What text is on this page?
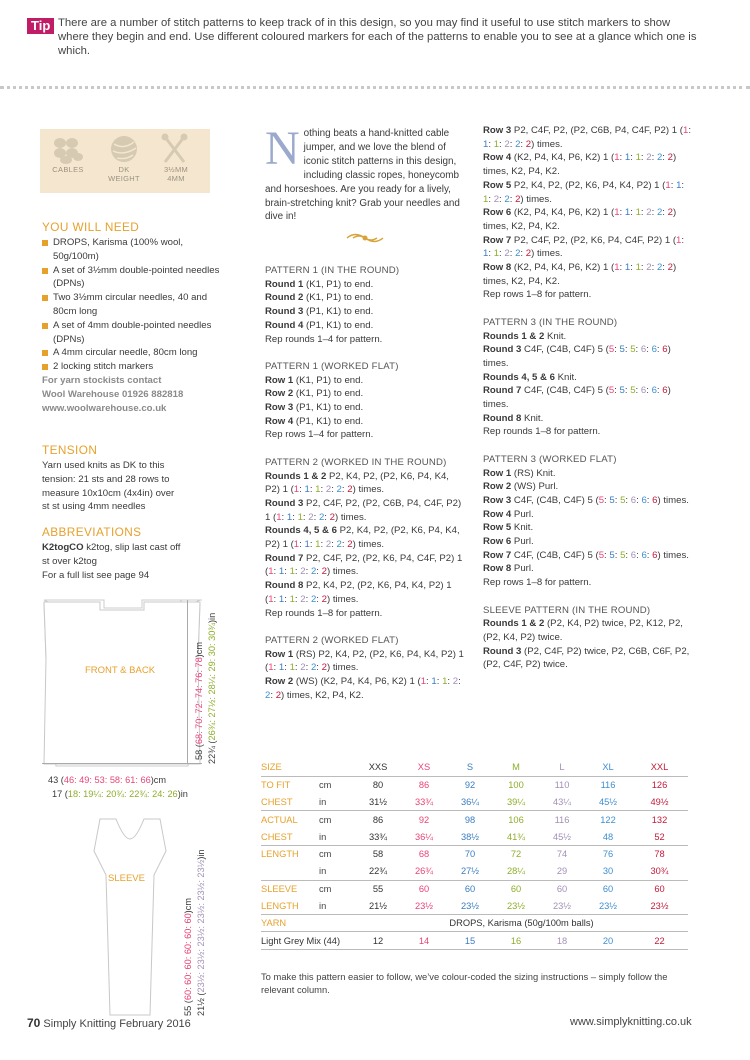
Tip There are a number of stitch patterns to keep track of in this design, so you may find it useful to use stitch markers to show where they begin and end. Use different coloured markers for each of the patterns to enable you to see at a glance which one is which.
CABLES	DK
WEIGHT
3½MM
4MM
YOU WILL NEED
DROPS, Karisma (100% wool, 50g/100m)
A set of 3½mm double-pointed needles (DPNs)
Two 3½mm circular needles, 40 and 80cm long
A set of 4mm double-pointed needles (DPNs)
A 4mm circular needle, 80cm long
2 locking stitch markers
For yarn stockists contact
Wool Warehouse 01926 882818
www.woolwarehouse.co.uk
TENSION
Yarn used knits as DK to this tension: 21 sts and 28 rows to measure 10x10cm (4x4in) over st st using 4mm needles
ABBREVIATIONS
K2togCO k2tog, slip last cast off st over k2tog
For a full list see page 94
FRONT & BACK
58 (68: 70: 72: 74: 76: 78)cm
22¾ (26¾: 27½: 28¼: 29: 30: 30¾)in
43 (46: 49: 53: 58: 61: 66)cm
17 (18: 19¼: 20¾: 22¾: 24: 26)in
SLEEVE
55 (60: 60: 60: 60: 60: 60)cm
21½ (23½: 23½: 23½: 23½: 23½: 23½)in
Nothing beats a hand-knitted cable jumper, and we love the blend of iconic stitch patterns in this design, including classic ropes, honeycomb and horseshoes. Are you ready for a lively, brain-stretching knit? Grab your needles and dive in!

PATTERN 1 (IN THE ROUND)

Round 1 (K1, P1) to end.

Round 2 (K1, P1) to end.

Round 3 (P1, K1) to end.

Round 4 (P1, K1) to end.

Rep rounds 1–4 for pattern.

PATTERN 1 (WORKED FLAT)

Row 1 (K1, P1) to end.

Row 2 (K1, P1) to end.

Row 3 (P1, K1) to end.

Row 4 (P1, K1) to end.

Rep rows 1–4 for pattern.

PATTERN 2 (WORKED IN THE ROUND)

Rounds 1 & 2 P2, K4, P2, (P2, K6, P4, K4, P2) 1 (1: 1: 1: 2: 2: 2) times.

Round 3 P2, C4F, P2, (P2, C6B, P4, C4F, P2) 1 (1: 1: 1: 2: 2: 2) times.

Rounds 4, 5 & 6 P2, K4, P2, (P2, K6, P4, K4, P2) 1 (1: 1: 1: 2: 2: 2) times.

Round 7 P2, C4F, P2, (P2, K6, P4, C4F, P2) 1 (1: 1: 1: 2: 2: 2) times.

Round 8 P2, K4, P2, (P2, K6, P4, K4, P2) 1 (1: 1: 1: 2: 2: 2) times.

Rep rounds 1–8 for pattern.

PATTERN 2 (WORKED FLAT)

Row 1 (RS) P2, K4, P2, (P2, K6, P4, K4, P2) 1 (1: 1: 1: 2: 2: 2) times.

Row 2 (WS) (K2, P4, K4, P6, K2) 1 (1: 1: 1: 2: 2: 2) times, K2, P4, K2.

Row 3 P2, C4F, P2, (P2, C6B, P4, C4F, P2) 1 (1: 1: 1: 2: 2: 2) times.

Row 4 (K2, P4, K4, P6, K2) 1 (1: 1: 1: 2: 2: 2) times, K2, P4, K2.

Row 5 P2, K4, P2, (P2, K6, P4, K4, P2) 1 (1: 1: 1: 2: 2: 2) times.

Row 6 (K2, P4, K4, P6, K2) 1 (1: 1: 1: 2: 2: 2) times, K2, P4, K2.

Row 7 P2, C4F, P2, (P2, K6, P4, C4F, P2) 1 (1: 1: 1: 2: 2: 2) times.

Row 8 (K2, P4, K4, P6, K2) 1 (1: 1: 1: 2: 2: 2) times, K2, P4, K2.

Rep rows 1–8 for pattern.

PATTERN 3 (IN THE ROUND)

Rounds 1 & 2 Knit.

Round 3 C4F, (C4B, C4F) 5 (5: 5: 5: 6: 6: 6) times.

Rounds 4, 5 & 6 Knit.

Round 7 C4F, (C4B, C4F) 5 (5: 5: 5: 6: 6: 6) times.

Round 8 Knit.

Rep rounds 1–8 for pattern.

PATTERN 3 (WORKED FLAT)

Row 1 (RS) Knit.

Row 2 (WS) Purl.

Row 3 C4F, (C4B, C4F) 5 (5: 5: 5: 6: 6: 6) times.

Row 4 Purl.

Row 5 Knit.

Row 6 Purl.

Row 7 C4F, (C4B, C4F) 5 (5: 5: 5: 6: 6: 6) times.

Row 8 Purl.

Rep rows 1–8 for pattern.

SLEEVE PATTERN (IN THE ROUND)

Rounds 1 & 2 (P2, K4, P2) twice, P2, K12, P2, (P2, K4, P2) twice.

Round 3 (P2, C4F, P2) twice, P2, C6B, C6F, P2, (P2, C4F, P2) twice.

SIZE		XXS	XS	S	M	L	XL	XXL
TO FIT	cm	80	86	92	100	110	116	126
CHEST	in	31½	33¾	36¼	39¼	43¼	45½	49½
ACTUAL	cm	86	92	98	106	116	122	132
CHEST	in	33¾	36¼	38½	41¾	45½	48	52
LENGTH	cm	58	68	70	72	74	76	78
	in	22¾	26¾	27½	28¼	29	30	30¾
SLEEVE	cm	55	60	60	60	60	60	60
LENGTH	in	21½	23½	23½	23½	23½	23½	23½
YARN		DROPS, Karisma (50g/100m balls)						
Light Grey Mix (44)		12	14	15	16	18	20	22
To make this pattern easier to follow, we’ve colour-coded the sizing instructions – simply follow the relevant column.
70 Simply Knitting February 2016	www.simplyknitting.co.uk
